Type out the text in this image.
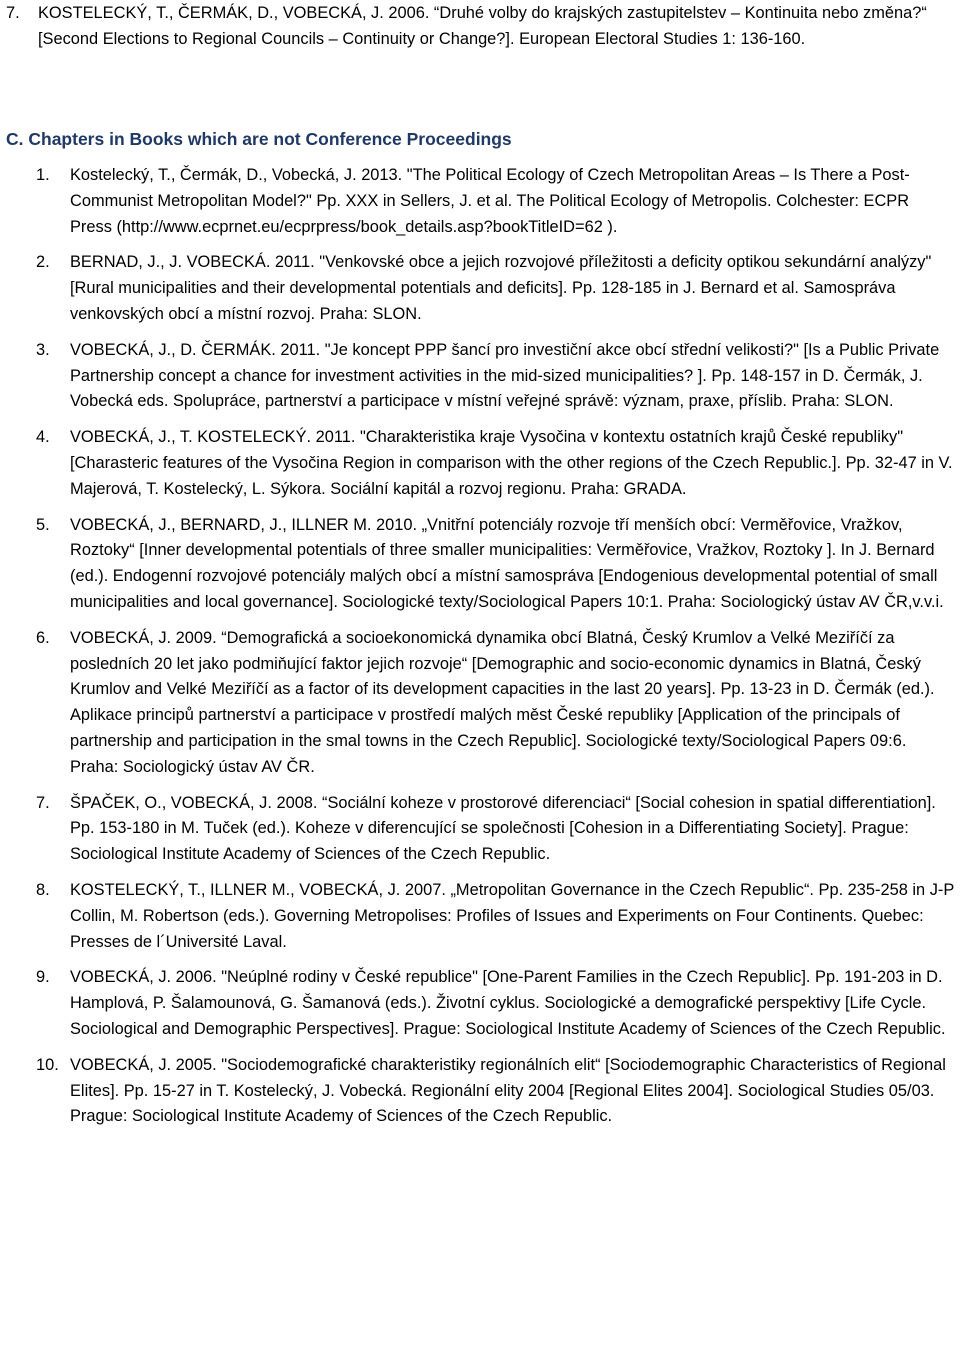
7.	KOSTELECKÝ, T., ČERMÁK, D., VOBECKÁ, J. 2006. “Druhé volby do krajských zastupitelstev – Kontinuita nebo změna?“ [Second Elections to Regional Councils – Continuity or Change?]. European Electoral Studies 1: 136-160.
C. Chapters in Books which are not Conference Proceedings
1. Kostelecký, T., Čermák, D., Vobecká, J. 2013. "The Political Ecology of Czech Metropolitan Areas – Is There a Post-Communist Metropolitan Model?" Pp. XXX in Sellers, J. et al. The Political Ecology of Metropolis. Colchester: ECPR Press (http://www.ecprnet.eu/ecprpress/book_details.asp?bookTitleID=62 ).
2. BERNAD, J., J. VOBECKÁ. 2011. "Venkovské obce a jejich rozvojové příležitosti a deficity optikou sekundární analýzy" [Rural municipalities and their developmental potentials and deficits]. Pp. 128-185 in J. Bernard et al. Samospráva venkovských obcí a místní rozvoj. Praha: SLON.
3. VOBECKÁ, J., D. ČERMÁK. 2011. "Je koncept PPP šancí pro investiční akce obcí střední velikosti?" [Is a Public Private Partnership concept a chance for investment activities in the mid-sized municipalities? ]. Pp. 148-157 in D. Čermák, J. Vobecká eds. Spolupráce, partnerství a participace v místní veřejné správě: význam, praxe, příslib. Praha: SLON.
4. VOBECKÁ, J., T. KOSTELECKÝ. 2011. "Charakteristika kraje Vysočina v kontextu ostatních krajů České republiky" [Charasteric features of the Vysočina Region in comparison with the other regions of the Czech Republic.]. Pp. 32-47 in V. Majerová, T. Kostelecký, L. Sýkora. Sociální kapitál a rozvoj regionu. Praha: GRADA.
5. VOBECKÁ, J., BERNARD, J., ILLNER M. 2010. „Vnitřní potenciály rozvoje tří menších obcí: Verměřovice, Vražkov, Roztoky“ [Inner developmental potentials of three smaller municipalities: Verměřovice, Vražkov, Roztoky ]. In J. Bernard (ed.). Endogenní rozvojové potenciály malých obcí a místní samospráva [Endogenious developmental potential of small municipalities and local governance]. Sociologické texty/Sociological Papers 10:1. Praha: Sociologický ústav AV ČR,v.v.i.
6. VOBECKÁ, J. 2009. “Demografická a socioekonomická dynamika obcí Blatná, Český Krumlov a Velké Meziříčí za posledních 20 let jako podmiňující faktor jejich rozvoje“ [Demographic and socio-economic dynamics in Blatná, Český Krumlov and Velké Meziříčí as a factor of its development capacities in the last 20 years]. Pp. 13-23 in D. Čermák (ed.). Aplikace principů partnerství a participace v prostředí malých měst České republiky [Application of the principals of partnership and participation in the smal towns in the Czech Republic]. Sociologické texty/Sociological Papers 09:6. Praha: Sociologický ústav AV ČR.
7. ŠPAČEK, O., VOBECKÁ, J. 2008. “Sociální koheze v prostorové diferenciaci“ [Social cohesion in spatial differentiation]. Pp. 153-180 in M. Tuček (ed.). Koheze v diferencující se společnosti [Cohesion in a Differentiating Society]. Prague: Sociological Institute Academy of Sciences of the Czech Republic.
8. KOSTELECKÝ, T., ILLNER M., VOBECKÁ, J. 2007. „Metropolitan Governance in the Czech Republic“. Pp. 235-258 in J-P Collin, M. Robertson (eds.). Governing Metropolises: Profiles of Issues and Experiments on Four Continents. Quebec: Presses de l´Université Laval.
9. VOBECKÁ, J. 2006. "Neúplné rodiny v České republice" [One-Parent Families in the Czech Republic]. Pp. 191-203 in D. Hamplová, P. Šalamounová, G. Šamanová (eds.). Životní cyklus. Sociologické a demografické perspektivy [Life Cycle. Sociological and Demographic Perspectives]. Prague: Sociological Institute Academy of Sciences of the Czech Republic.
10. VOBECKÁ, J. 2005. "Sociodemografické charakteristiky regionálních elit“ [Sociodemographic Characteristics of Regional Elites]. Pp. 15-27 in T. Kostelecký, J. Vobecká. Regionální elity 2004 [Regional Elites 2004]. Sociological Studies 05/03. Prague: Sociological Institute Academy of Sciences of the Czech Republic.
